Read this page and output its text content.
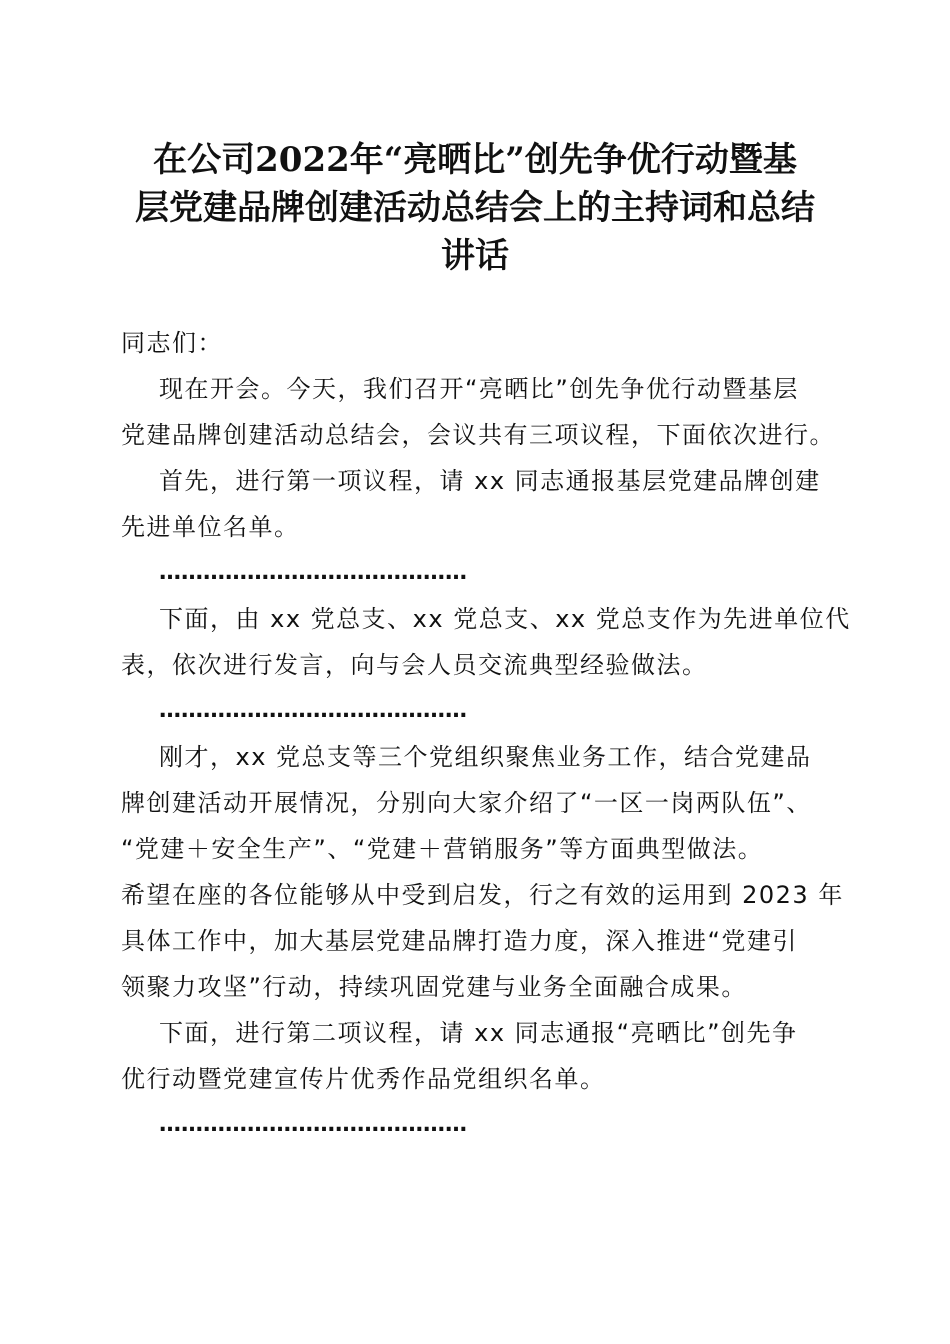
在公司2022年“亮晒比”创先争优行动暨基
层党建品牌创建活动总结会上的主持词和总结
讲话

同志们：

现在开会。今天，我们召开“亮晒比”创先争优行动暨基层
党建品牌创建活动总结会，会议共有三项议程，下面依次进行。

首先，进行第一项议程，请 xx 同志通报基层党建品牌创建
先进单位名单。

……………………………………

下面，由 xx 党总支、xx 党总支、xx 党总支作为先进单位代
表，依次进行发言，向与会人员交流典型经验做法。

……………………………………

刚才，xx 党总支等三个党组织聚焦业务工作，结合党建品
牌创建活动开展情况，分别向大家介绍了“一区一岗两队伍”、
“党建＋安全生产”、“党建＋营销服务”等方面典型做法。
希望在座的各位能够从中受到启发，行之有效的运用到 2023 年
具体工作中，加大基层党建品牌打造力度，深入推进“党建引
领聚力攻坚”行动，持续巩固党建与业务全面融合成果。

下面，进行第二项议程，请 xx 同志通报“亮晒比”创先争
优行动暨党建宣传片优秀作品党组织名单。

……………………………………
